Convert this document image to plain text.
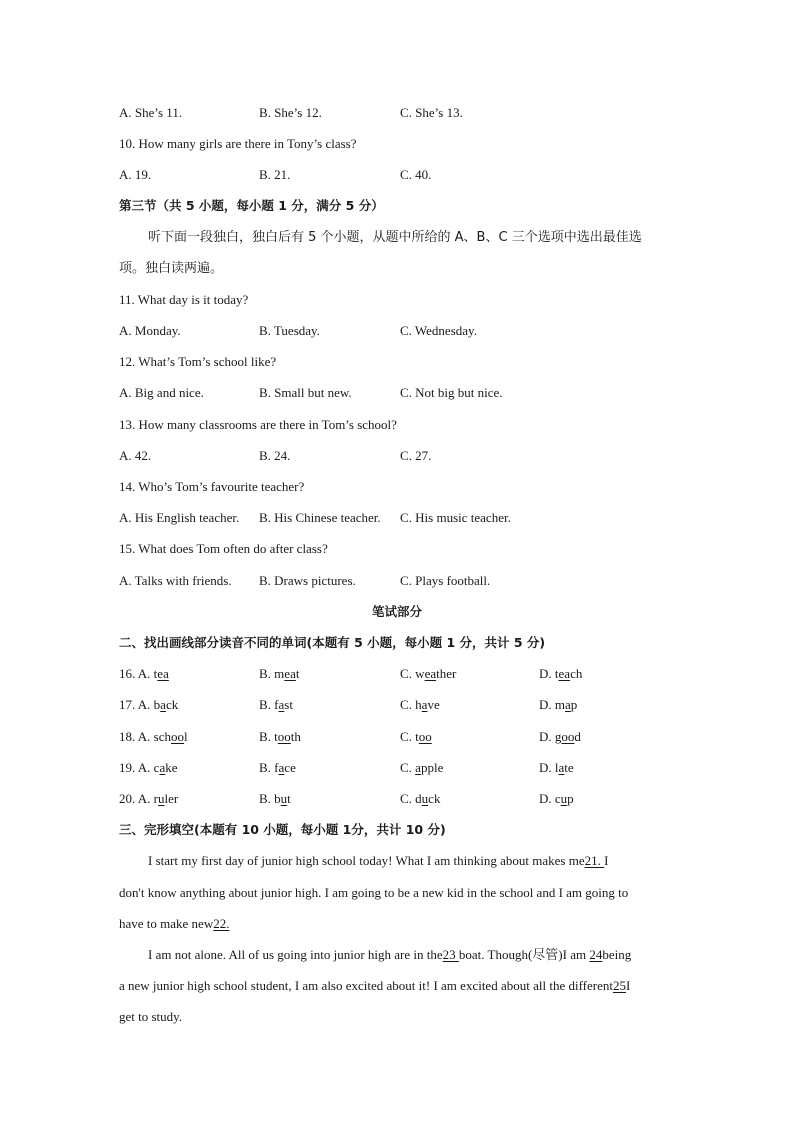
A. She’s 11.	B. She’s 12.	C. She’s 13.
10. How many girls are there in Tony’s class?
A. 19.	B. 21.	C. 40.
第三节（共 5 小题，每小题 1 分，满分 5 分）
听下面一段独白，独白后有 5 个小题，从题中所给的 A、B、C 三个选项中选出最佳选
项。独白读两遍。
11. What day is it today?
A. Monday.	B. Tuesday.	C. Wednesday.
12. What’s Tom’s school like?
A. Big and nice.	B. Small but new.	C. Not big but nice.
13. How many classrooms are there in Tom’s school?
A. 42.	B. 24.	C. 27.
14. Who’s Tom’s favourite teacher?
A. His English teacher. B. His Chinese teacher. C. His music teacher.
15. What does Tom often do after class?
A. Talks with friends. B. Draws pictures.	C. Plays football.
笔试部分
二、找出画线部分读音不同的单词(本题有 5 小题，每小题 1 分，共计 5 分)
16. A. tea	B. meat	C. weather	D. teach
17. A. back	B. fast	C. have	D. map
18. A. school	B. tooth	C. too	D. good
19. A. cake	B. face	C. apple	D. late
20. A. ruler	B. but	C. duck	D. cup
三、完形填空(本题有 10 小题，每小题 1分，共计 10 分)
I start my first day of junior high school today! What I am thinking about makes me21. I
don't know anything about junior high. I am going to be a new kid in the school and I am going to
have to make new22.
I am not alone. All of us going into junior high are in the23 boat. Though(尽管)I am 24being
a new junior high school student, I am also excited about it! I am excited about all the different25I
get to study.
